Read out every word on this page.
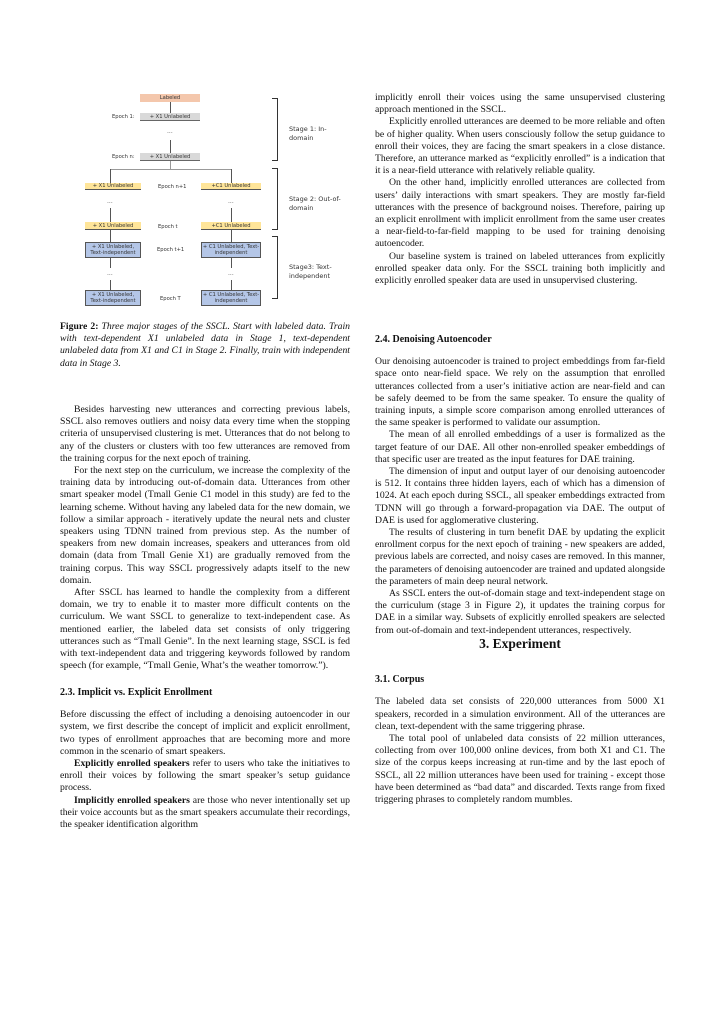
Labeled
Epoch 1:	+ X1 Unlabeled
...
Epoch n:	+ X1 Unlabeled
+ X1 Unlabeled	Epoch n+1	+C1 Unlabeled
...	...
+ X1 Unlabeled	Epoch t	+C1 Unlabeled
+ X1 Unlabeled, Text-independent	Epoch t+1	+ C1 Unlabeled, Text-independent
...	...
+ X1 Unlabeled, Text-independent	Epoch T
+ C1 Unlabeled, Text-independent
Stage 1: In-domain
Stage 2: Out-of-domain
Stage3: Text-independent
Figure 2: Three major stages of the SSCL. Start with labeled data. Train with text-dependent X1 unlabeled data in Stage 1, text-dependent unlabeled data from X1 and C1 in Stage 2. Finally, train with independent data in Stage 3.

Besides harvesting new utterances and correcting previous labels, SSCL also removes outliers and noisy data every time when the stopping criteria of unsupervised clustering is met. Utterances that do not belong to any of the clusters or clusters with too few utterances are removed from the training corpus for the next epoch of training.

For the next step on the curriculum, we increase the complexity of the training data by introducing out-of-domain data. Utterances from other smart speaker model (Tmall Genie C1 model in this study) are fed to the learning scheme. Without having any labeled data for the new domain, we follow a similar approach - iteratively update the neural nets and cluster speakers using TDNN trained from previous step. As the number of speakers from new domain increases, speakers and utterances from old domain (data from Tmall Genie X1) are gradually removed from the training corpus. This way SSCL progressively adapts itself to the new domain.

After SSCL has learned to handle the complexity from a different domain, we try to enable it to master more difficult contents on the curriculum. We want SSCL to generalize to text-independent case. As mentioned earlier, the labeled data set consists of only triggering utterances such as “Tmall Genie”. In the next learning stage, SSCL is fed with text-independent data and triggering keywords followed by random speech (for example, “Tmall Genie, What’s the weather tomorrow.”).

2.3. Implicit vs. Explicit Enrollment

Before discussing the effect of including a denoising autoencoder in our system, we first describe the concept of implicit and explicit enrollment, two types of enrollment approaches that are becoming more and more common in the scenario of smart speakers.

Explicitly enrolled speakers refer to users who take the initiatives to enroll their voices by following the smart speaker’s setup guidance process.

Implicitly enrolled speakers are those who never intentionally set up their voice accounts but as the smart speakers accumulate their recordings, the speaker identification algorithm

implicitly enroll their voices using the same unsupervised clustering approach mentioned in the SSCL.

Explicitly enrolled utterances are deemed to be more reliable and often be of higher quality. When users consciously follow the setup guidance to enroll their voices, they are facing the smart speakers in a close distance. Therefore, an utterance marked as “explicitly enrolled” is a indication that it is a near-field utterance with relatively reliable quality.

On the other hand, implicitly enrolled utterances are collected from users’ daily interactions with smart speakers. They are mostly far-field utterances with the presence of background noises. Therefore, pairing up an explicit enrollment with implicit enrollment from the same user creates a near-field-to-far-field mapping to be used for training denoising autoencoder.

Our baseline system is trained on labeled utterances from explicitly enrolled speaker data only. For the SSCL training both implicitly and explicitly enrolled speaker data are used in unsupervised clustering.

2.4. Denoising Autoencoder

Our denoising autoencoder is trained to project embeddings from far-field space onto near-field space. We rely on the assumption that enrolled utterances collected from a user’s initiative action are near-field and can be safely deemed to be from the same speaker. To ensure the quality of training inputs, a simple score comparison among enrolled utterances of the same speaker is performed to validate our assumption.

The mean of all enrolled embeddings of a user is formalized as the target feature of our DAE. All other non-enrolled speaker embeddings of that specific user are treated as the input features for DAE training.

The dimension of input and output layer of our denoising autoencoder is 512. It contains three hidden layers, each of which has a dimension of 1024. At each epoch during SSCL, all speaker embeddings extracted from TDNN will go through a forward-propagation via DAE. The output of DAE is used for agglomerative clustering.

The results of clustering in turn benefit DAE by updating the explicit enrollment corpus for the next epoch of training - new speakers are added, previous labels are corrected, and noisy cases are removed. In this manner, the parameters of denoising autoencoder are trained and updated alongside the parameters of main deep neural network.

As SSCL enters the out-of-domain stage and text-independent stage on the curriculum (stage 3 in Figure 2), it updates the training corpus for DAE in a similar way. Subsets of explicitly enrolled speakers are selected from out-of-domain and text-independent utterances, respectively.

3. Experiment

3.1. Corpus

The labeled data set consists of 220,000 utterances from 5000 X1 speakers, recorded in a simulation environment. All of the utterances are clean, text-dependent with the same triggering phrase.

The total pool of unlabeled data consists of 22 million utterances, collecting from over 100,000 online devices, from both X1 and C1. The size of the corpus keeps increasing at run-time and by the last epoch of SSCL, all 22 million utterances have been used for training - except those have been determined as “bad data” and discarded. Texts range from fixed triggering phrases to completely random mumbles.
